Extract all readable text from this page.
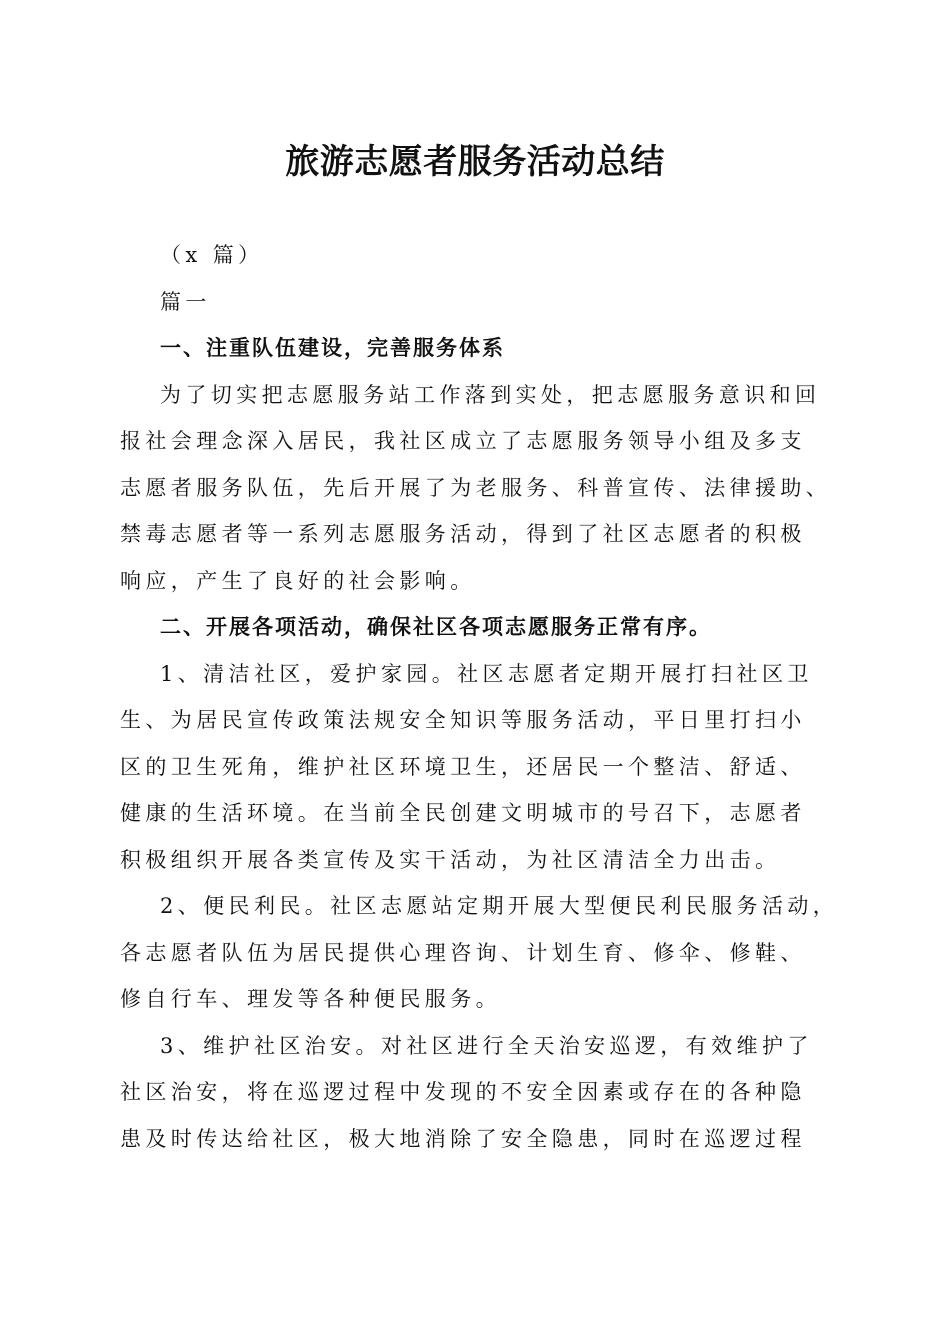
旅游志愿者服务活动总结
（x 篇）
篇一
一、注重队伍建设，完善服务体系
为了切实把志愿服务站工作落到实处，把志愿服务意识和回
报社会理念深入居民，我社区成立了志愿服务领导小组及多支
志愿者服务队伍，先后开展了为老服务、科普宣传、法律援助、
禁毒志愿者等一系列志愿服务活动，得到了社区志愿者的积极
响应，产生了良好的社会影响。
二、开展各项活动，确保社区各项志愿服务正常有序。
1、清洁社区，爱护家园。社区志愿者定期开展打扫社区卫
生、为居民宣传政策法规安全知识等服务活动，平日里打扫小
区的卫生死角，维护社区环境卫生，还居民一个整洁、舒适、
健康的生活环境。在当前全民创建文明城市的号召下，志愿者
积极组织开展各类宣传及实干活动，为社区清洁全力出击。
2、便民利民。社区志愿站定期开展大型便民利民服务活动，
各志愿者队伍为居民提供心理咨询、计划生育、修伞、修鞋、
修自行车、理发等各种便民服务。
3、维护社区治安。对社区进行全天治安巡逻，有效维护了
社区治安，将在巡逻过程中发现的不安全因素或存在的各种隐
患及时传达给社区，极大地消除了安全隐患，同时在巡逻过程
